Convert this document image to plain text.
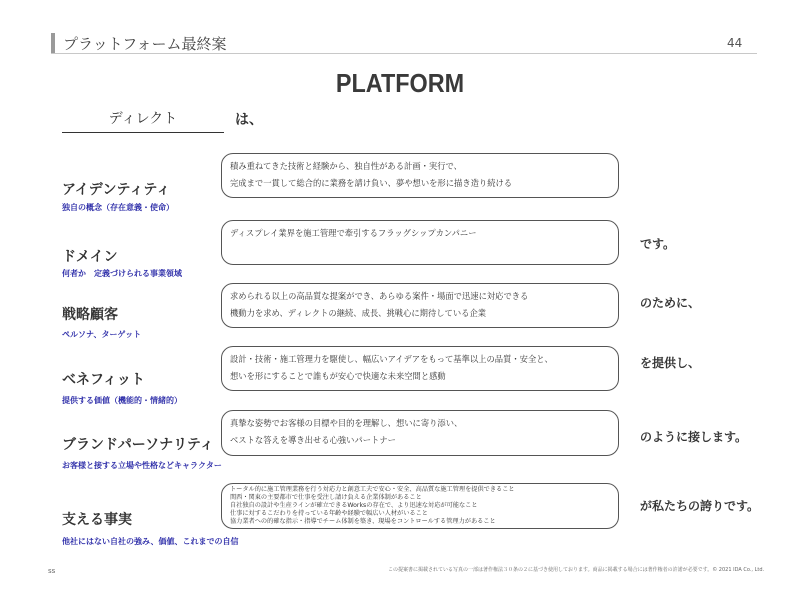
プラットフォーム最終案	44
PLATFORM
ディレクト	は、
アイデンティティ
独自の概念（存在意義・使命）

積み重ねてきた技術と経験から、独自性がある計画・実行で、

完成まで一貫して総合的に業務を請け負い、夢や想いを形に描き造り続ける

ドメイン
何者か　定義づけられる事業領域

ディスプレイ業界を施工管理で牽引するフラッグシップカンパニー

です。
戦略顧客
ペルソナ、ターゲット

求められる以上の高品質な提案ができ、あらゆる案件・場面で迅速に対応できる

機動力を求め、ディレクトの継続、成長、挑戦心に期待している企業

のために、
ベネフィット
提供する価値（機能的・情緒的）

設計・技術・施工管理力を駆使し、幅広いアイデアをもって基準以上の品質・安全と、

想いを形にすることで誰もが安心で快適な未来空間と感動

を提供し、
ブランドパーソナリティ
お客様と接する立場や性格などキャラクター

真摯な姿勢でお客様の目標や目的を理解し、想いに寄り添い、

ベストな答えを導き出せる心強いパートナー	のように接します。
支える事実
他社にはない自社の強み、価値、これまでの自信

トータル的に施工管理業務を行う対応力と創意工夫で安心・安全、高品質な施工管理を提供できること

関西・関東の主要都市で仕事を受注し請け負える企業体制があること

自社独自の設計や生産ラインが確立できるWorksの存在で、より迅速な対応が可能なこと

仕事に対するこだわりを持っている年齢や経験で幅広い人材がいること

協力業者への的確な指示・指導でチーム体制を築き、現場をコントロールする管理力があること

が私たちの誇りです。
ss	この提案書に掲載されている写真の一部は著作権法３０条の２に基づき使用しております。商品に掲載する場合には著作権者の許諾が必要です。© 2021 IDA Co., Ltd.
